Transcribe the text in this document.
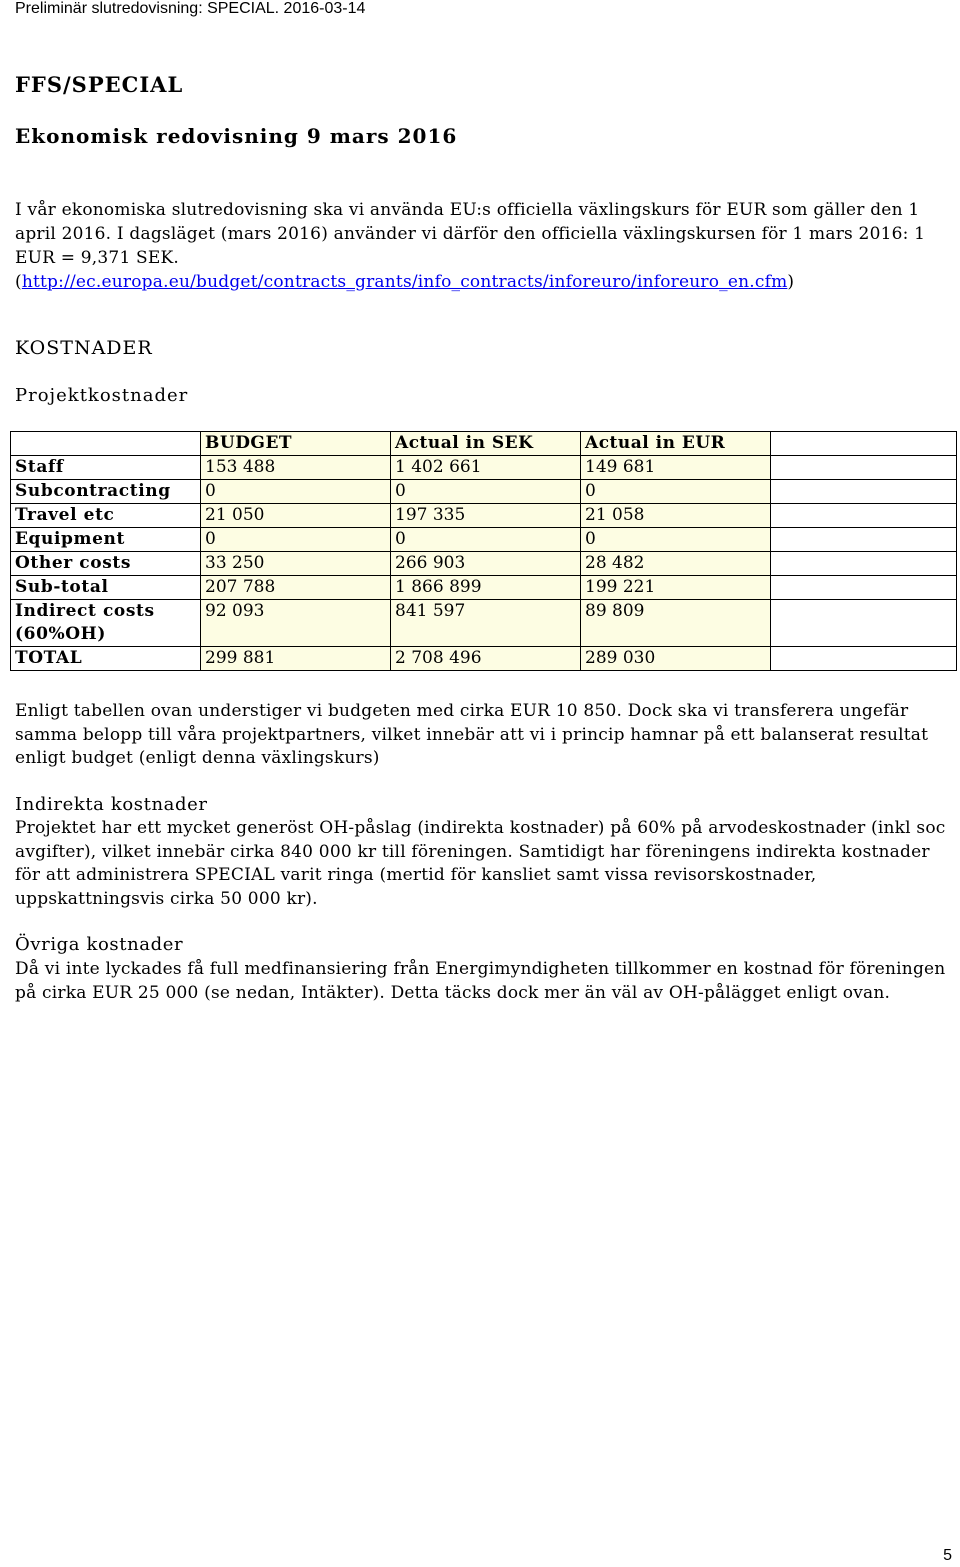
Preliminär slutredovisning: SPECIAL. 2016-03-14
FFS/SPECIAL
Ekonomisk redovisning 9 mars 2016
I vår ekonomiska slutredovisning ska vi använda EU:s officiella växlingskurs för EUR som gäller den 1 april 2016. I dagsläget (mars 2016) använder vi därför den officiella växlingskursen för 1 mars 2016: 1 EUR = 9,371 SEK.
(http://ec.europa.eu/budget/contracts_grants/info_contracts/inforeuro/inforeuro_en.cfm)
KOSTNADER
Projektkostnader
	BUDGET	Actual in SEK	Actual in EUR	
Staff	153 488	1 402 661	149 681	
Subcontracting	0	0	0	
Travel etc	21 050	197 335	21 058	
Equipment	0	0	0	
Other costs	33 250	266 903	28 482	
Sub-total	207 788	1 866 899	199 221	
Indirect costs (60%OH)	92 093	841 597	89 809	
TOTAL	299 881	2 708 496	289 030	
Enligt tabellen ovan understiger vi budgeten med cirka EUR 10 850. Dock ska vi transferera ungefär samma belopp till våra projektpartners, vilket innebär att vi i princip hamnar på ett balanserat resultat enligt budget (enligt denna växlingskurs)
Indirekta kostnader
Projektet har ett mycket generöst OH-påslag (indirekta kostnader) på 60% på arvodeskostnader (inkl soc avgifter), vilket innebär cirka 840 000 kr till föreningen. Samtidigt har föreningens indirekta kostnader för att administrera SPECIAL varit ringa (mertid för kansliet samt vissa revisorskostnader, uppskattningsvis cirka 50 000 kr).
Övriga kostnader
Då vi inte lyckades få full medfinansiering från Energimyndigheten tillkommer en kostnad för föreningen på cirka EUR 25 000 (se nedan, Intäkter). Detta täcks dock mer än väl av OH-pålägget enligt ovan.
5
